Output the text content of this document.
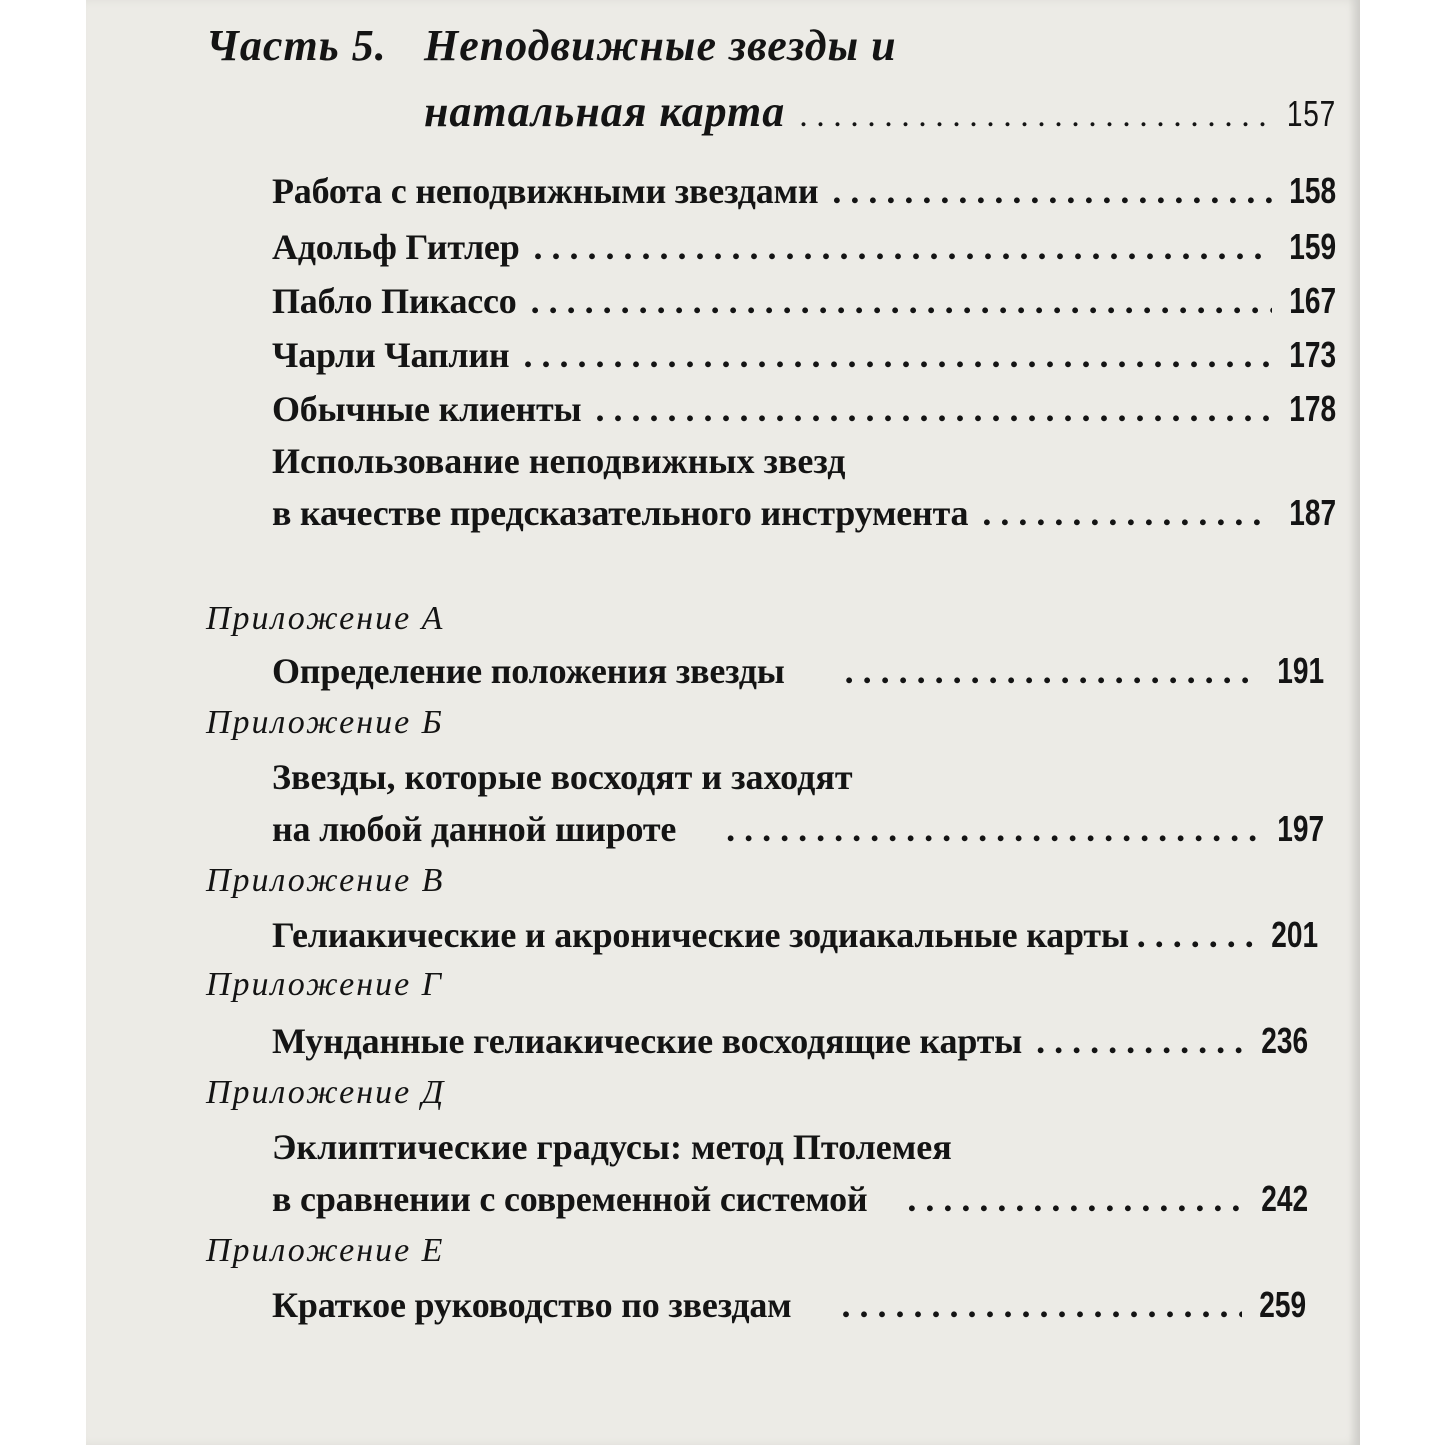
Часть 5. Неподвижные звезды и
натальная карта . . .	157
Работа с неподвижными звездами . . .	158
Адольф Гитлер . . .	159
Пабло Пикассо . . .	167
Чарли Чаплин . . .	173
Обычные клиенты . . .	178
Использование неподвижных звезд
в качестве предсказательного инструмента . . .	187
Приложение А
Определение положения звезды . . .	191
Приложение Б
Звезды, которые восходят и заходят
на любой данной широте . . .	197
Приложение В
Гелиакические и акронические зодиакальные карты . . .	201
Приложение Г
Мунданные гелиакические восходящие карты . . .	236
Приложение Д
Эклиптические градусы: метод Птолемея
в сравнении с современной системой . . .	242
Приложение Е
Краткое руководство по звездам . . .	259
